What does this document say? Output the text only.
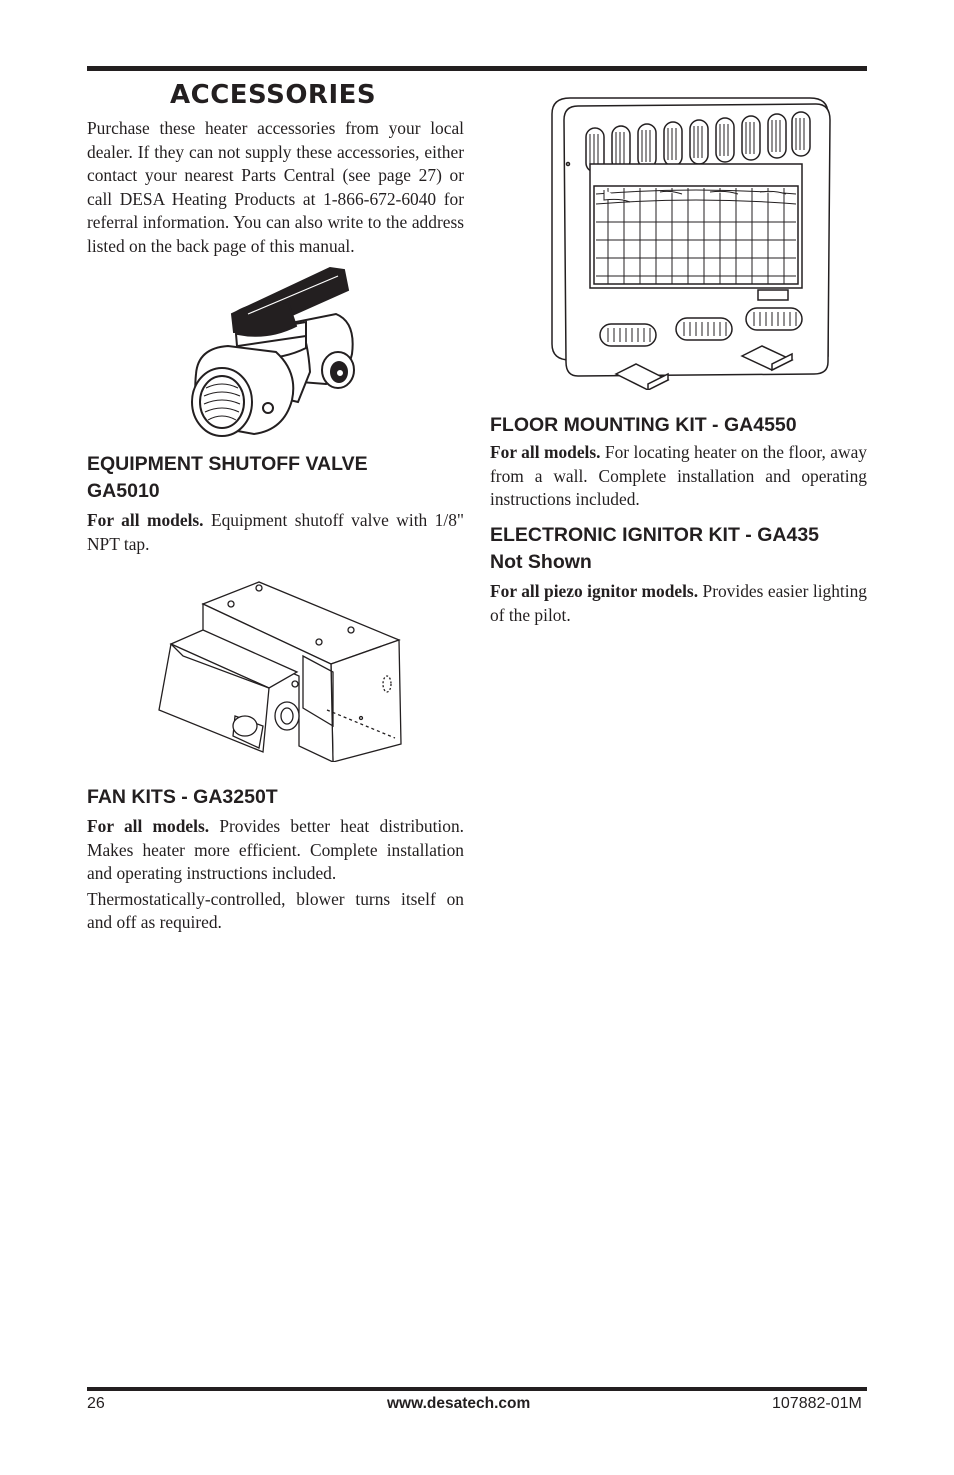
ACCESSORIES

Purchase these heater accessories from your local dealer. If they can not supply these accessories, either contact your nearest Parts Central (see page 27) or call DESA Heating Products at 1-866-672-6040 for referral information. You can also write to the address listed on the back page of this manual.

EQUIPMENT SHUTOFF VALVE
GA5010

For all models. Equipment shutoff valve with 1/8" NPT tap.

FAN KITS - GA3250T

For all models. Provides better heat distribution. Makes heater more efficient. Complete installation and operating instructions included.

Thermostatically-controlled, blower turns itself on and off as required.

FLOOR MOUNTING KIT - GA4550

For all models. For locating heater on the floor, away from a wall. Complete installation and operating instructions included.

ELECTRONIC IGNITOR KIT - GA435
Not Shown

For all piezo ignitor models. Provides easier lighting of the pilot.

26	www.desatech.com	107882-01M
